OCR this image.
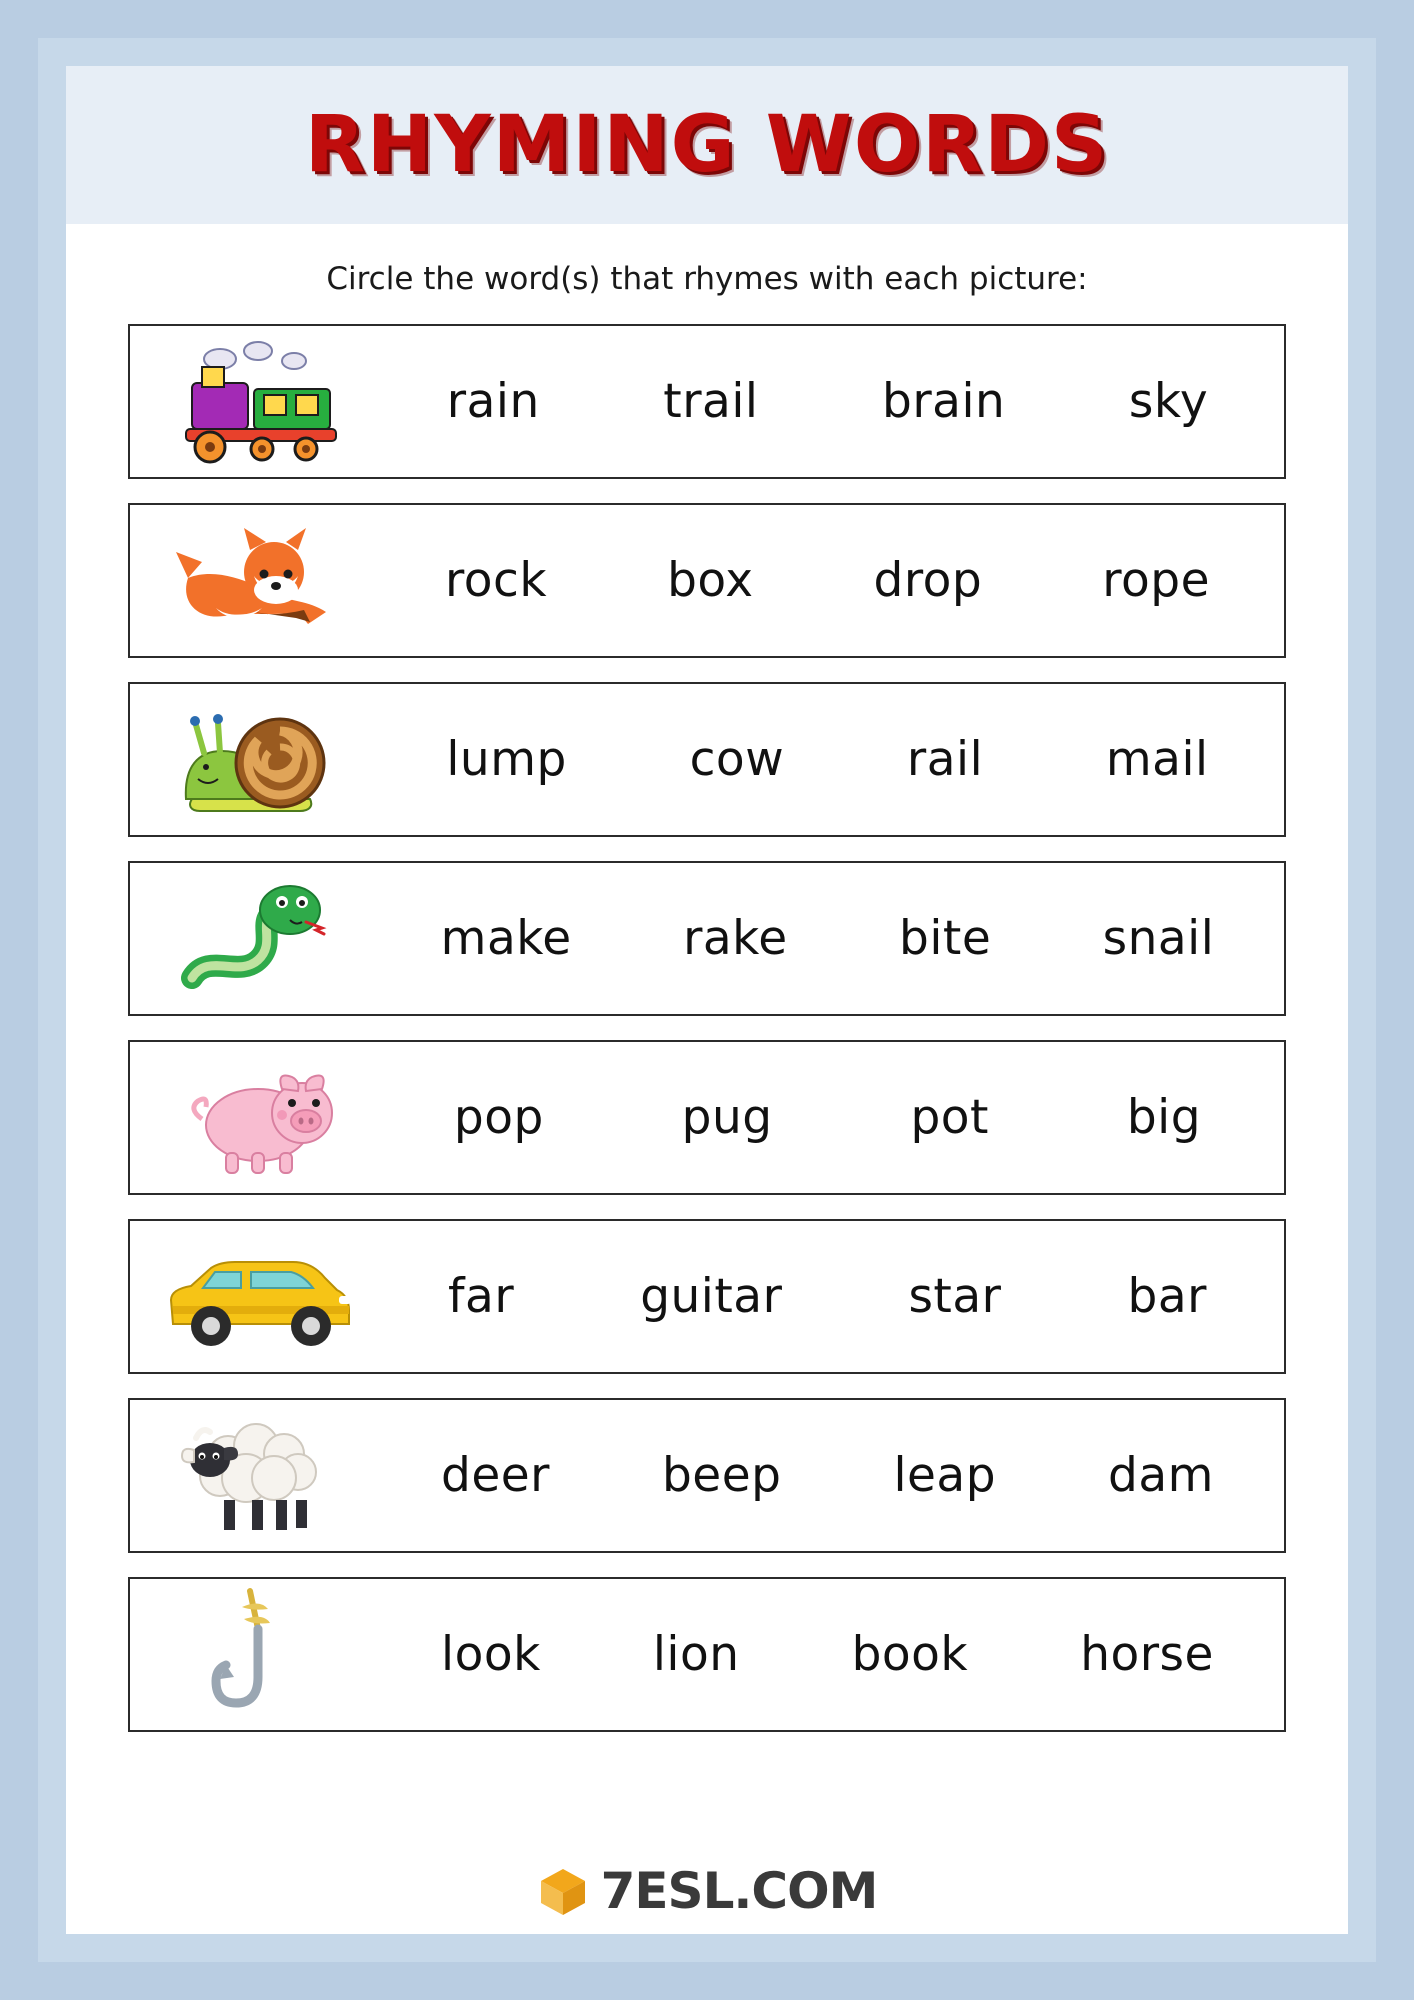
RHYMING WORDS
Circle the word(s) that rhymes with each picture:
rain	trail	brain	sky
rock	box	drop	rope
lump	cow	rail	mail
make rake bite snail
pop	pug	pot	big
far	guitar	star	bar
deer beep leap dam
look lion book horse
7ESL.COM
